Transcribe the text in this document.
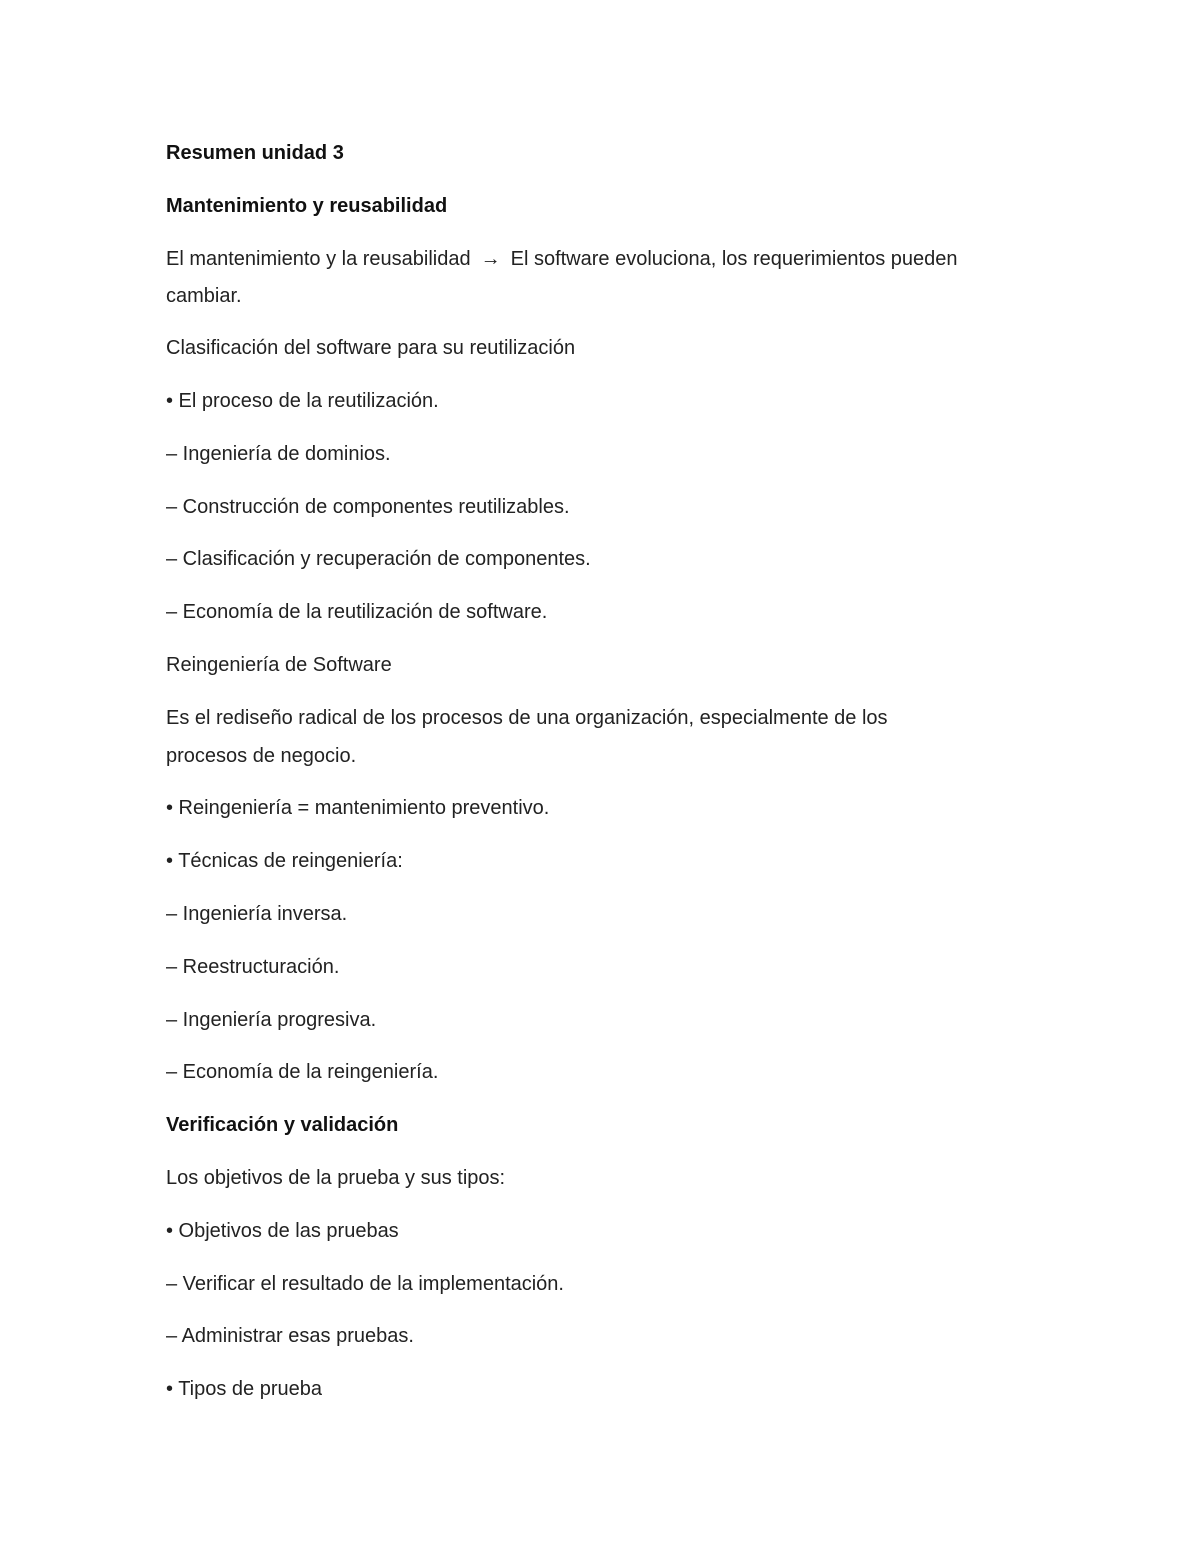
Resumen unidad 3
Mantenimiento y reusabilidad
El mantenimiento y la reusabilidad → El software evoluciona, los requerimientos pueden
cambiar.
Clasificación del software para su reutilización
• El proceso de la reutilización.
– Ingeniería de dominios.
– Construcción de componentes reutilizables.
– Clasificación y recuperación de componentes.
– Economía de la reutilización de software.
Reingeniería de Software
Es el rediseño radical de los procesos de una organización, especialmente de los
procesos de negocio.
• Reingeniería = mantenimiento preventivo.
• Técnicas de reingeniería:
– Ingeniería inversa.
– Reestructuración.
– Ingeniería progresiva.
– Economía de la reingeniería.
Verificación y validación
Los objetivos de la prueba y sus tipos:
• Objetivos de las pruebas
– Verificar el resultado de la implementación.
– Administrar esas pruebas.
• Tipos de prueba
